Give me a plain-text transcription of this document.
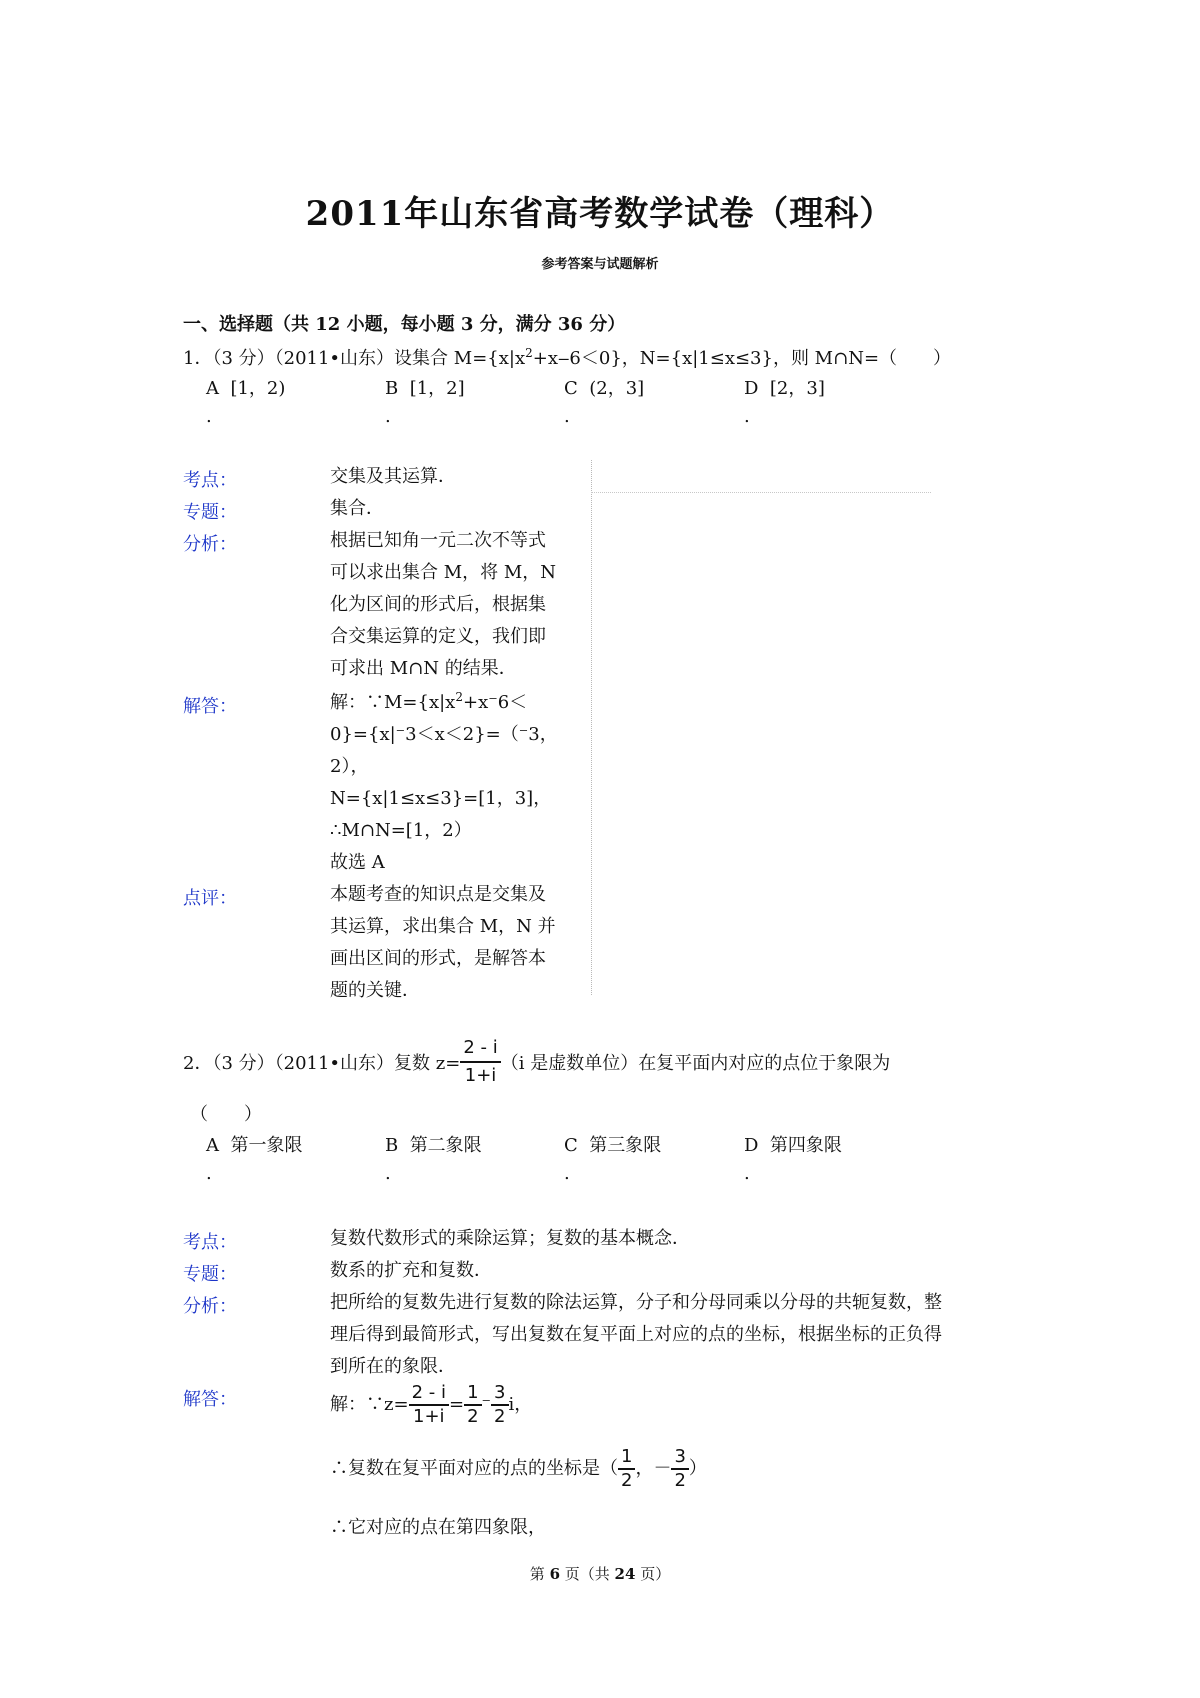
2011年山东省高考数学试卷（理科）
参考答案与试题解析
一、选择题（共 12 小题，每小题 3 分，满分 36 分）
1．（3 分）（2011•山东）设集合 $M=\{x|x^2+x‒6<0\}$，N={x|1≤x≤3}，则 M∩N=（　　）
A [1，2)	B [1，2]	C (2，3]	D [2，3]
.	.	.	.
考点：	交集及其运算．
专题：	集合．
分析：	根据已知角一元二次不等式
可以求出集合 M，将 M，N
化为区间的形式后，根据集
合交集运算的定义，我们即
可求出 M∩N 的结果．
解答：	解：$\because M=\{x|x^2+x^-6<$
0}={x|⁻3＜x＜2}=（⁻3，
2），
N={x|1≤x≤3}=[1，3]，
∴M∩N=[1，2）
故选 A
点评：	本题考查的知识点是交集及
其运算，求出集合 M，N 并
画出区间的形式，是解答本
题的关键．
2．（3 分）（2011•山东）复数 $z= \frac{2 - i}{1+i} (i$ 是虚数单位）在复平面内对应的点位于象限为
（　　）
A 第一象限	B 第二象限	C 第三象限	D 第四象限
.	.	.	.
考点：	复数代数形式的乘除运算；复数的基本概念．
专题：	数系的扩充和复数．
分析：	把所给的复数先进行复数的除法运算，分子和分母同乘以分母的共轭复数，整
理后得到最简形式，写出复数在复平面上对应的点的坐标，根据坐标的正负得
到所在的象限．
解答：	解：∵z= $\frac{2 - i}{1+i} = \frac{1}{2}$ ⁻ $\frac{3}{2}$ i，
∴复数在复平面对应的点的坐标是（ $\frac{1}{2}$ ，－ $\frac{3}{2}$ ）
∴它对应的点在第四象限，
第 6 页（共 24 页）
